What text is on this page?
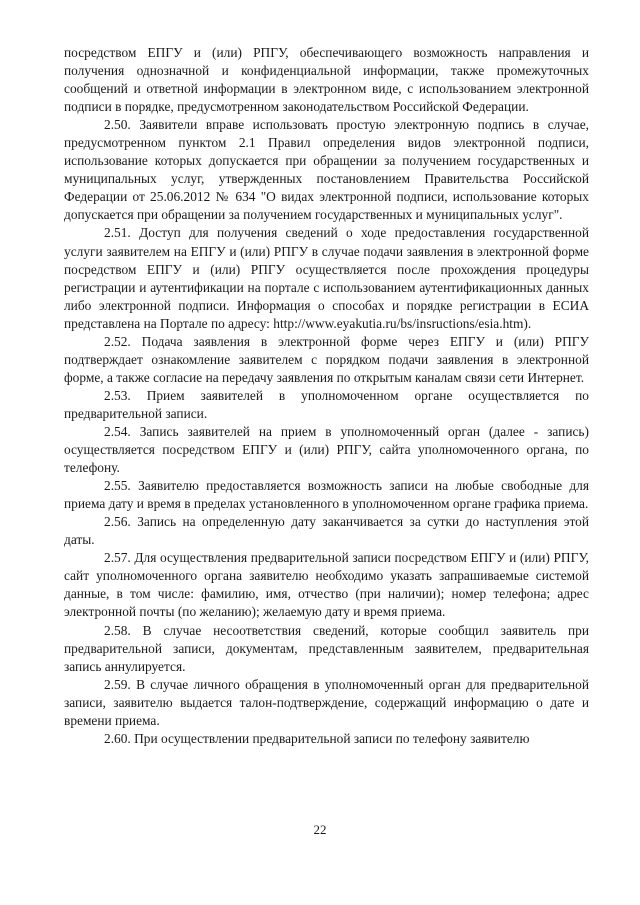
посредством ЕПГУ и (или) РПГУ, обеспечивающего возможность направления и получения однозначной и конфиденциальной информации, также промежуточных сообщений и ответной информации в электронном виде, с использованием электронной подписи в порядке, предусмотренном законодательством Российской Федерации.

2.50. Заявители вправе использовать простую электронную подпись в случае, предусмотренном пунктом 2.1 Правил определения видов электронной подписи, использование которых допускается при обращении за получением государственных и муниципальных услуг, утвержденных постановлением Правительства Российской Федерации от 25.06.2012 № 634 "О видах электронной подписи, использование которых допускается при обращении за получением государственных и муниципальных услуг".

2.51. Доступ для получения сведений о ходе предоставления государственной услуги заявителем на ЕПГУ и (или) РПГУ в случае подачи заявления в электронной форме посредством ЕПГУ и (или) РПГУ осуществляется после прохождения процедуры регистрации и аутентификации на портале с использованием аутентификационных данных либо электронной подписи. Информация о способах и порядке регистрации в ЕСИА представлена на Портале по адресу: http://www.eyakutia.ru/bs/insructions/esia.htm).

2.52. Подача заявления в электронной форме через ЕПГУ и (или) РПГУ подтверждает ознакомление заявителем с порядком подачи заявления в электронной форме, а также согласие на передачу заявления по открытым каналам связи сети Интернет.

2.53. Прием заявителей в уполномоченном органе осуществляется по предварительной записи.

2.54. Запись заявителей на прием в уполномоченный орган (далее - запись) осуществляется посредством ЕПГУ и (или) РПГУ, сайта уполномоченного органа, по телефону.

2.55. Заявителю предоставляется возможность записи на любые свободные для приема дату и время в пределах установленного в уполномоченном органе графика приема.

2.56. Запись на определенную дату заканчивается за сутки до наступления этой даты.

2.57. Для осуществления предварительной записи посредством ЕПГУ и (или) РПГУ, сайт уполномоченного органа заявителю необходимо указать запрашиваемые системой данные, в том числе: фамилию, имя, отчество (при наличии); номер телефона; адрес электронной почты (по желанию); желаемую дату и время приема.

2.58. В случае несоответствия сведений, которые сообщил заявитель при предварительной записи, документам, представленным заявителем, предварительная запись аннулируется.

2.59. В случае личного обращения в уполномоченный орган для предварительной записи, заявителю выдается талон-подтверждение, содержащий информацию о дате и времени приема.

2.60. При осуществлении предварительной записи по телефону заявителю

22
